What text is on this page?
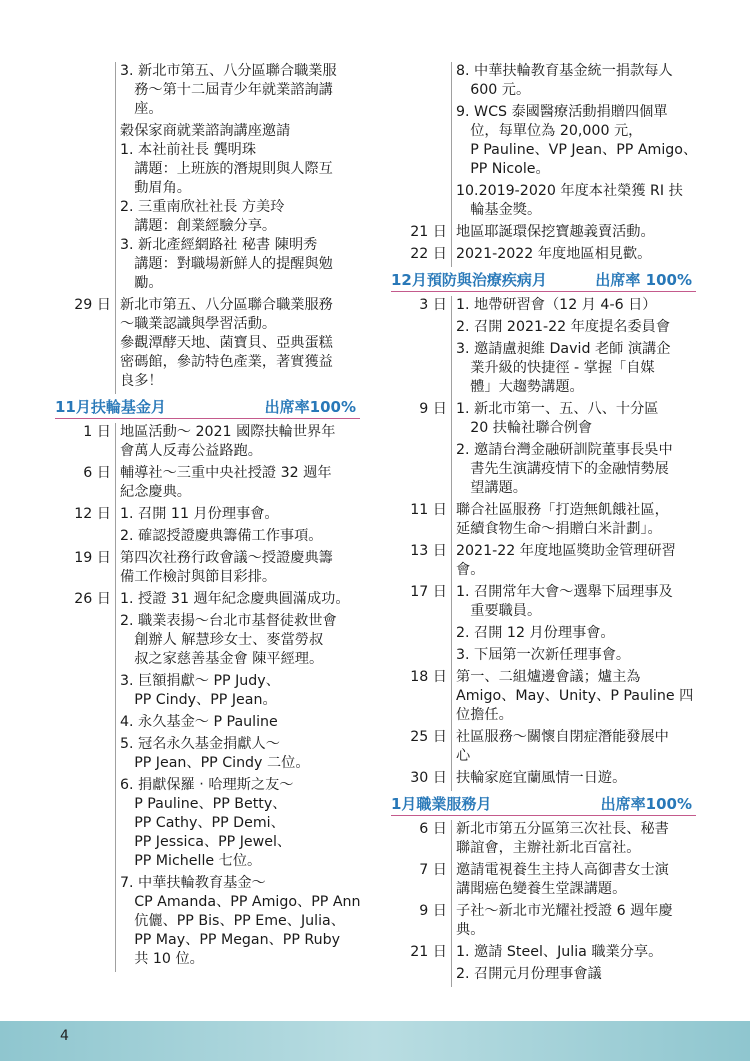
3. 新北市第五、八分區聯合職業服
　務～第十二屆青少年就業諮詢講
　座。
穀保家商就業諮詢講座邀請
1. 本社前社長 龔明珠
　講題：上班族的潛規則與人際互
　動眉角。
2. 三重南欣社社長 方美玲
　講題：創業經驗分享。
3. 新北產經網路社 秘書 陳明秀
　講題：對職場新鮮人的提醒與勉
　勵。
29 日 新北市第五、八分區聯合職業服務
～職業認識與學習活動。
參觀潭酵天地、菌寶貝、亞典蛋糕
密碼館，參訪特色產業，著實獲益
良多！
11月扶輪基金月	出席率100%
1 日 地區活動～ 2021 國際扶輪世界年
會萬人反毒公益路跑。
6 日 輔導社～三重中央社授證 32 週年
紀念慶典。
12 日 1. 召開 11 月份理事會。
2. 確認授證慶典籌備工作事項。
19 日 第四次社務行政會議～授證慶典籌
備工作檢討與節目彩排。
26 日 1. 授證 31 週年紀念慶典圓滿成功。
2. 職業表揚～台北市基督徒救世會
　創辦人 解慧珍女士、麥當勞叔
　叔之家慈善基金會 陳平經理。
3. 巨額捐獻～ PP Judy、
　PP Cindy、PP Jean。
4. 永久基金～ P Pauline
5. 冠名永久基金捐獻人～
　PP Jean、PP Cindy 二位。
6. 捐獻保羅 ‧ 哈理斯之友～
　P Pauline、PP Betty、
　PP Cathy、PP Demi、
　PP Jessica、PP Jewel、
　PP Michelle 七位。
7. 中華扶輪教育基金～
　CP Amanda、PP Amigo、PP Ann
　伉儷、PP Bis、PP Eme、Julia、
　PP May、PP Megan、PP Ruby
　共 10 位。
8. 中華扶輪教育基金統一捐款每人
　600 元。
9. WCS 泰國醫療活動捐贈四個單
　位，每單位為 20,000 元，
　P Pauline、VP Jean、PP Amigo、
　PP Nicole。
10.2019-2020 年度本社榮獲 RI 扶
　輪基金獎。
21 日 地區耶誕環保挖寶趣義賣活動。
22 日 2021-2022 年度地區相見歡。
12月預防與治療疾病月	出席率 100%
3 日 1. 地帶研習會（12 月 4-6 日）
2. 召開 2021-22 年度提名委員會
3. 邀請盧昶維 David 老師 演講企
　業升級的快捷徑 - 掌握「自媒
　體」大趨勢講題。
9 日 1. 新北市第一、五、八、十分區
　20 扶輪社聯合例會
2. 邀請台灣金融研訓院董事長吳中
　書先生演講疫情下的金融情勢展
　望講題。
11 日 聯合社區服務「打造無飢餓社區，
延續食物生命～捐贈白米計劃」。
13 日 2021-22 年度地區獎助金管理研習
會。
17 日 1. 召開常年大會～選舉下屆理事及
　重要職員。
2. 召開 12 月份理事會。
3. 下屆第一次新任理事會。
18 日 第一、二組爐邊會議；爐主為
Amigo、May、Unity、P Pauline 四
位擔任。
25 日 社區服務～關懷自閉症潛能發展中
心
30 日 扶輪家庭宜蘭風情一日遊。
1月職業服務月	出席率100%
6 日 新北市第五分區第三次社長、秘書
聯誼會，主辦社新北百富社。
7 日 邀請電視養生主持人高御書女士演
講聞癌色變養生堂課講題。
9 日 子社～新北市光耀社授證 6 週年慶
典。
21 日 1. 邀請 Steel、Julia 職業分享。
2. 召開元月份理事會議
4
